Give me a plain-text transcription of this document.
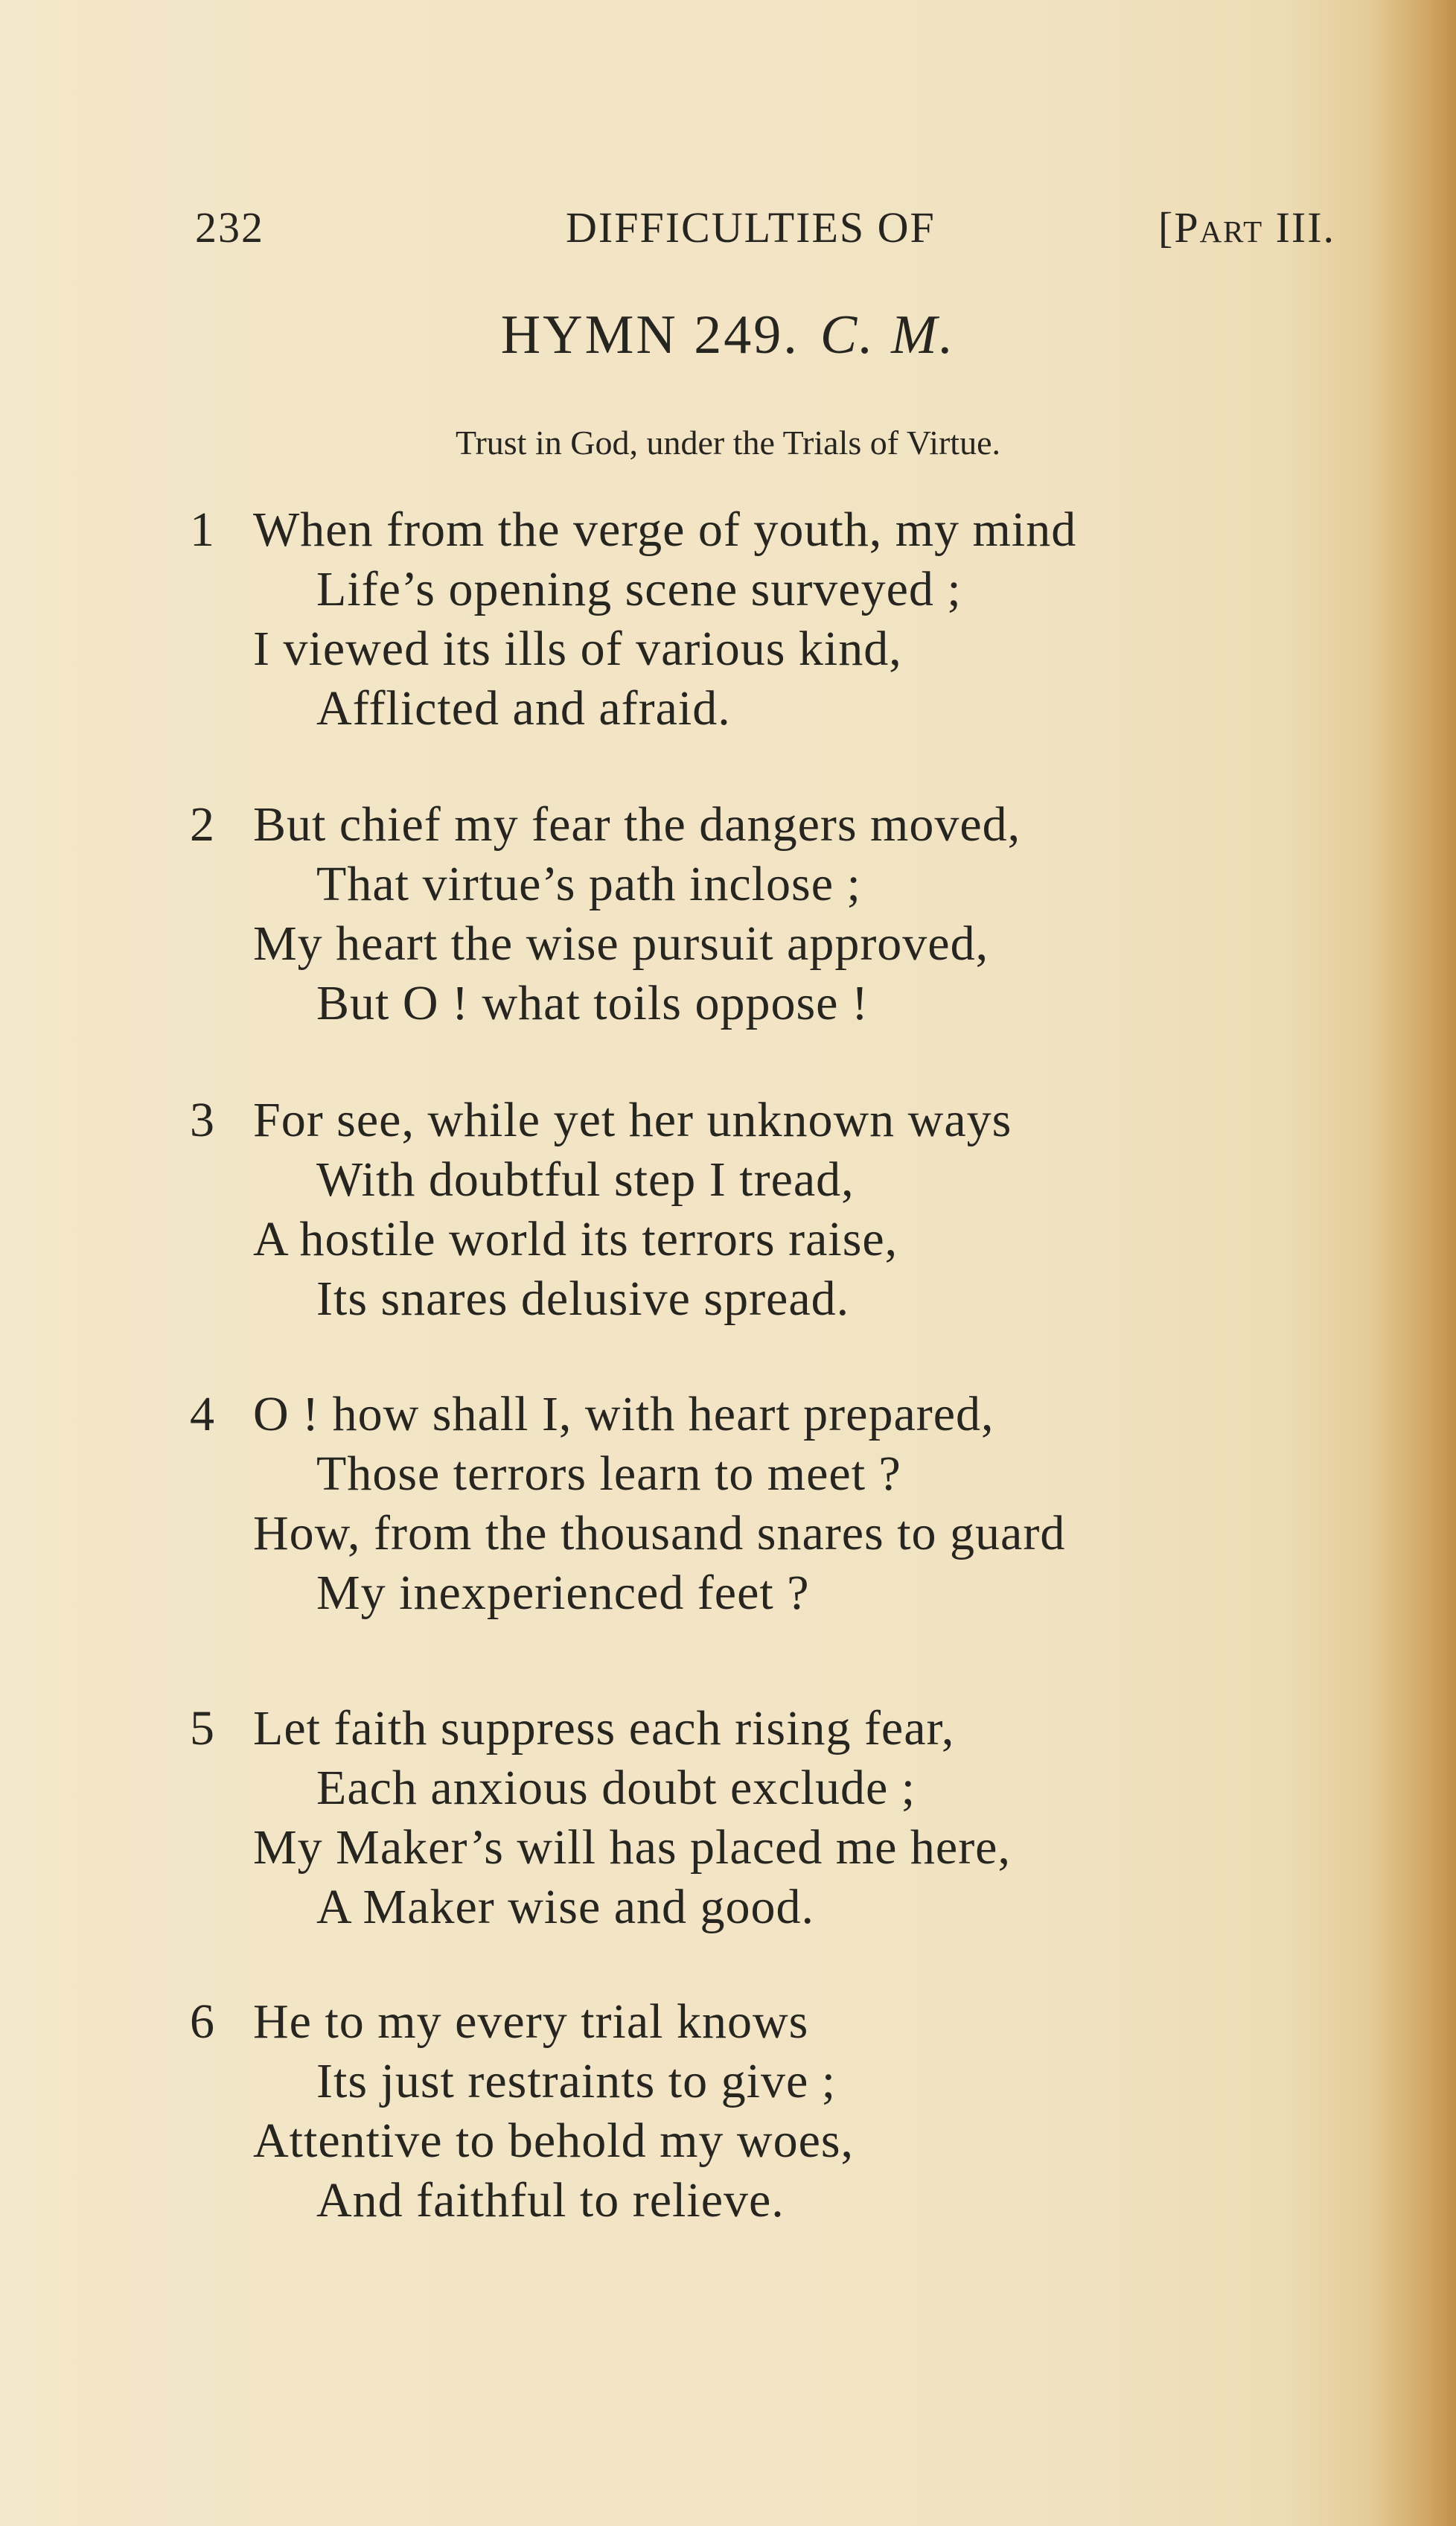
232	DIFFICULTIES OF	[Part III.
HYMN 249. C. M.
Trust in God, under the Trials of Virtue.
1 When from the verge of youth, my mind
Life’s opening scene surveyed ;
I viewed its ills of various kind,
Afflicted and afraid.
2 But chief my fear the dangers moved,
That virtue’s path inclose ;
My heart the wise pursuit approved,
But O ! what toils oppose !
3 For see, while yet her unknown ways
With doubtful step I tread,
A hostile world its terrors raise,
Its snares delusive spread.
4 O ! how shall I, with heart prepared,
Those terrors learn to meet ?
How, from the thousand snares to guard
My inexperienced feet ?
5 Let faith suppress each rising fear,
Each anxious doubt exclude ;
My Maker’s will has placed me here,
A Maker wise and good.
6 He to my every trial knows
Its just restraints to give ;
Attentive to behold my woes,
And faithful to relieve.
